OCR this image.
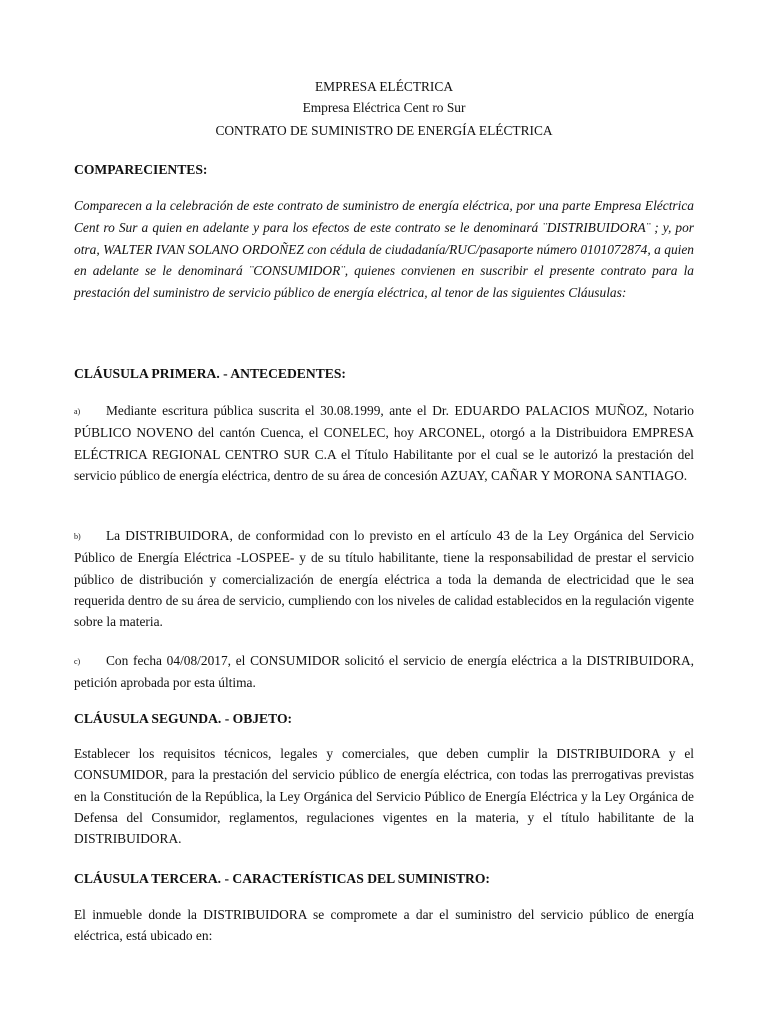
EMPRESA ELÉCTRICA
Empresa Eléctrica Cent ro Sur
CONTRATO DE SUMINISTRO DE ENERGÍA ELÉCTRICA
COMPARECIENTES:
Comparecen a la celebración de este contrato de suministro de energía eléctrica, por una parte Empresa Eléctrica Cent ro Sur a quien en adelante y para los efectos de este contrato se le denominará ¨DISTRIBUIDORA¨ ; y, por otra, WALTER IVAN SOLANO ORDOÑEZ con cédula de ciudadanía/RUC/pasaporte número 0101072874, a quien en adelante se le denominará ¨CONSUMIDOR¨, quienes convienen en suscribir el presente contrato para la prestación del suministro de servicio público de energía eléctrica, al tenor de las siguientes Cláusulas:
CLÁUSULA PRIMERA. - ANTECEDENTES:
a) Mediante escritura pública suscrita el 30.08.1999, ante el Dr. EDUARDO PALACIOS MUÑOZ, Notario PÚBLICO NOVENO del cantón Cuenca, el CONELEC, hoy ARCONEL, otorgó a la Distribuidora EMPRESA ELÉCTRICA REGIONAL CENTRO SUR C.A el Título Habilitante por el cual se le autorizó la prestación del servicio público de energía eléctrica, dentro de su área de concesión AZUAY, CAÑAR Y MORONA SANTIAGO.
b) La DISTRIBUIDORA, de conformidad con lo previsto en el artículo 43 de la Ley Orgánica del Servicio Público de Energía Eléctrica -LOSPEE- y de su título habilitante, tiene la responsabilidad de prestar el servicio público de distribución y comercialización de energía eléctrica a toda la demanda de electricidad que le sea requerida dentro de su área de servicio, cumpliendo con los niveles de calidad establecidos en la regulación vigente sobre la materia.
c) Con fecha 04/08/2017, el CONSUMIDOR solicitó el servicio de energía eléctrica a la DISTRIBUIDORA, petición aprobada por esta última.
CLÁUSULA SEGUNDA. - OBJETO:
Establecer los requisitos técnicos, legales y comerciales, que deben cumplir la DISTRIBUIDORA y el CONSUMIDOR, para la prestación del servicio público de energía eléctrica, con todas las prerrogativas previstas en la Constitución de la República, la Ley Orgánica del Servicio Público de Energía Eléctrica y la Ley Orgánica de Defensa del Consumidor, reglamentos, regulaciones vigentes en la materia, y el título habilitante de la DISTRIBUIDORA.
CLÁUSULA TERCERA. - CARACTERÍSTICAS DEL SUMINISTRO:
El inmueble donde la DISTRIBUIDORA se compromete a dar el suministro del servicio público de energía eléctrica, está ubicado en:
